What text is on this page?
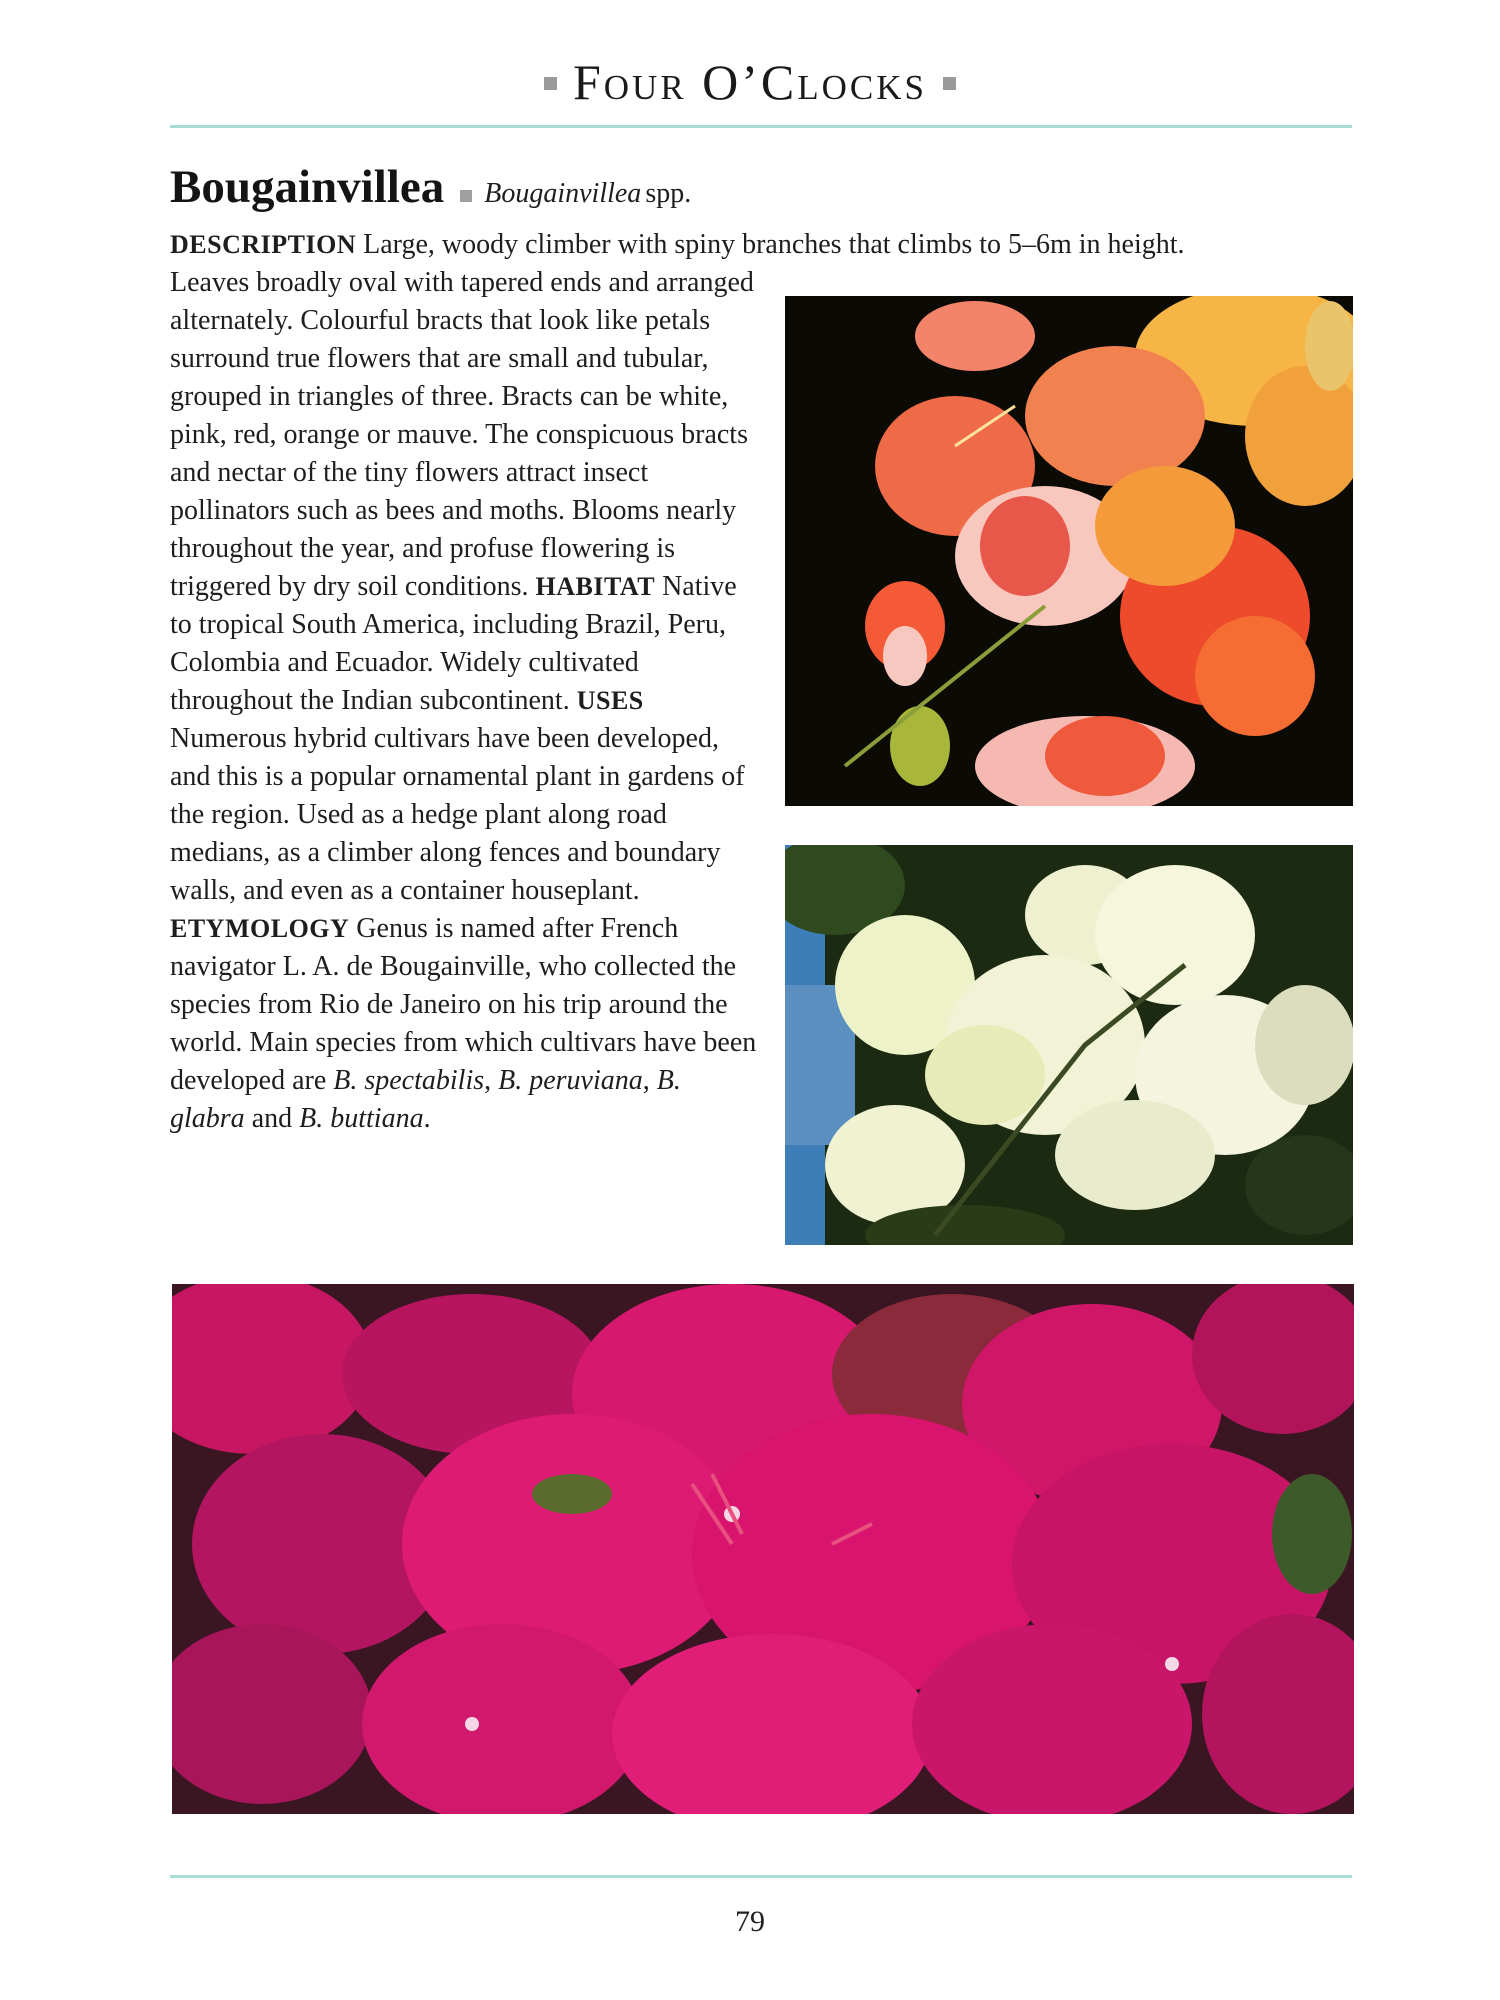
Four O’Clocks
Bougainvillea Bougainvillea spp.
DESCRIPTION Large, woody climber with spiny branches that climbs to 5–6m in height.

Leaves broadly oval with tapered ends and arranged alternately. Colourful bracts that look like petals surround true flowers that are small and tubular, grouped in triangles of three. Bracts can be white, pink, red, orange or mauve. The conspicuous bracts and nectar of the tiny flowers attract insect pollinators such as bees and moths. Blooms nearly throughout the year, and profuse flowering is triggered by dry soil conditions. HABITAT Native to tropical South America, including Brazil, Peru, Colombia and Ecuador. Widely cultivated throughout the Indian subcontinent. USES Numerous hybrid cultivars have been developed, and this is a popular ornamental plant in gardens of the region. Used as a hedge plant along road medians, as a climber along fences and boundary walls, and even as a container houseplant. ETYMOLOGY Genus is named after French navigator L. A. de Bougainville, who collected the species from Rio de Janeiro on his trip around the world. Main species from which cultivars have been developed are B. spectabilis, B. peruviana, B. glabra and B. buttiana.

79
